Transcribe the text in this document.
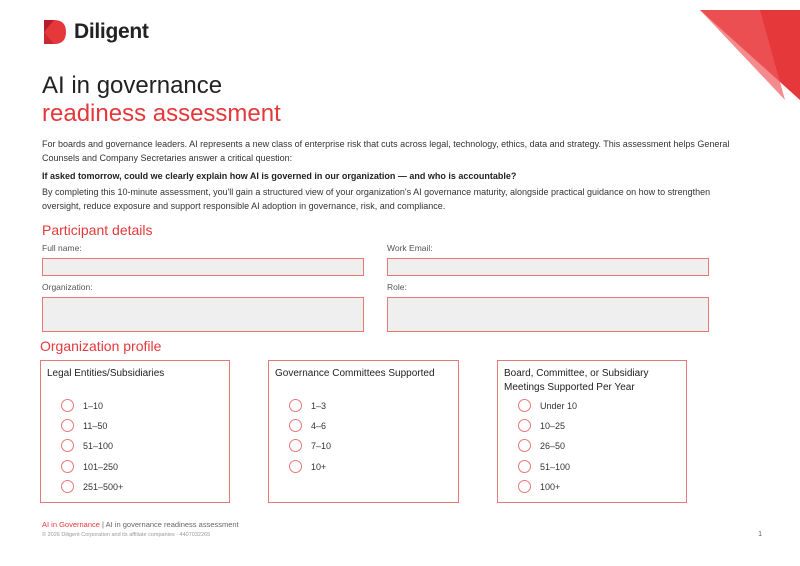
Diligent
AI in governance
readiness assessment
For boards and governance leaders. AI represents a new class of enterprise risk that cuts across legal, technology, ethics, data and strategy. This assessment helps General Counsels and Company Secretaries answer a critical question:
If asked tomorrow, could we clearly explain how AI is governed in our organization — and who is accountable?
By completing this 10-minute assessment, you'll gain a structured view of your organization's AI governance maturity, alongside practical guidance on how to strengthen oversight, reduce exposure and support responsible AI adoption in governance, risk, and compliance.
Participant details
Full name:	Work Email:
Organization:	Role:
Organization profile
Legal Entities/Subsidiaries
1–10
11–50
51–100
101–250
251–500+
Governance Committees Supported
1–3
4–6
7–10
10+
Board, Committee, or Subsidiary
Meetings Supported Per Year
Under 10
10–25
26–50
51–100
100+
AI in Governance | AI in governance readiness assessment
© 2026 Diligent Corporation and its affiliate companies · 4407032265	1
